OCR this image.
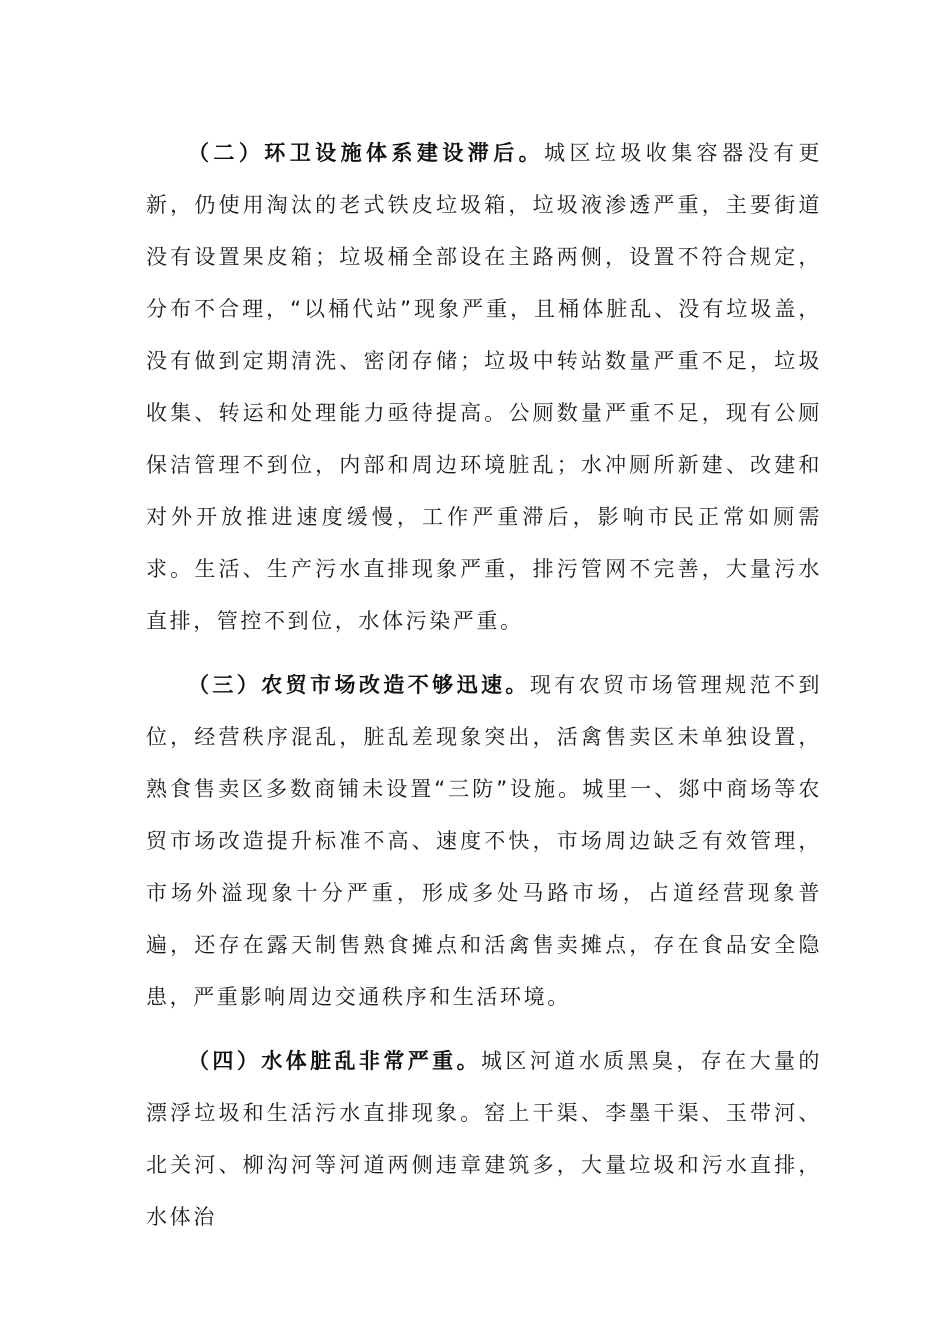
（二）环卫设施体系建设滞后。城区垃圾收集容器没有更新，仍使用淘汰的老式铁皮垃圾箱，垃圾液渗透严重，主要街道没有设置果皮箱；垃圾桶全部设在主路两侧，设置不符合规定，分布不合理，“以桶代站”现象严重，且桶体脏乱、没有垃圾盖，没有做到定期清洗、密闭存储；垃圾中转站数量严重不足，垃圾收集、转运和处理能力亟待提高。公厕数量严重不足，现有公厕保洁管理不到位，内部和周边环境脏乱；水冲厕所新建、改建和对外开放推进速度缓慢，工作严重滞后，影响市民正常如厕需求。生活、生产污水直排现象严重，排污管网不完善，大量污水直排，管控不到位，水体污染严重。

（三）农贸市场改造不够迅速。现有农贸市场管理规范不到位，经营秩序混乱，脏乱差现象突出，活禽售卖区未单独设置，熟食售卖区多数商铺未设置“三防”设施。城里一、郯中商场等农贸市场改造提升标准不高、速度不快，市场周边缺乏有效管理，市场外溢现象十分严重，形成多处马路市场，占道经营现象普遍，还存在露天制售熟食摊点和活禽售卖摊点，存在食品安全隐患，严重影响周边交通秩序和生活环境。

（四）水体脏乱非常严重。城区河道水质黑臭，存在大量的漂浮垃圾和生活污水直排现象。窑上干渠、李墨干渠、玉带河、北关河、柳沟河等河道两侧违章建筑多，大量垃圾和污水直排，水体治
